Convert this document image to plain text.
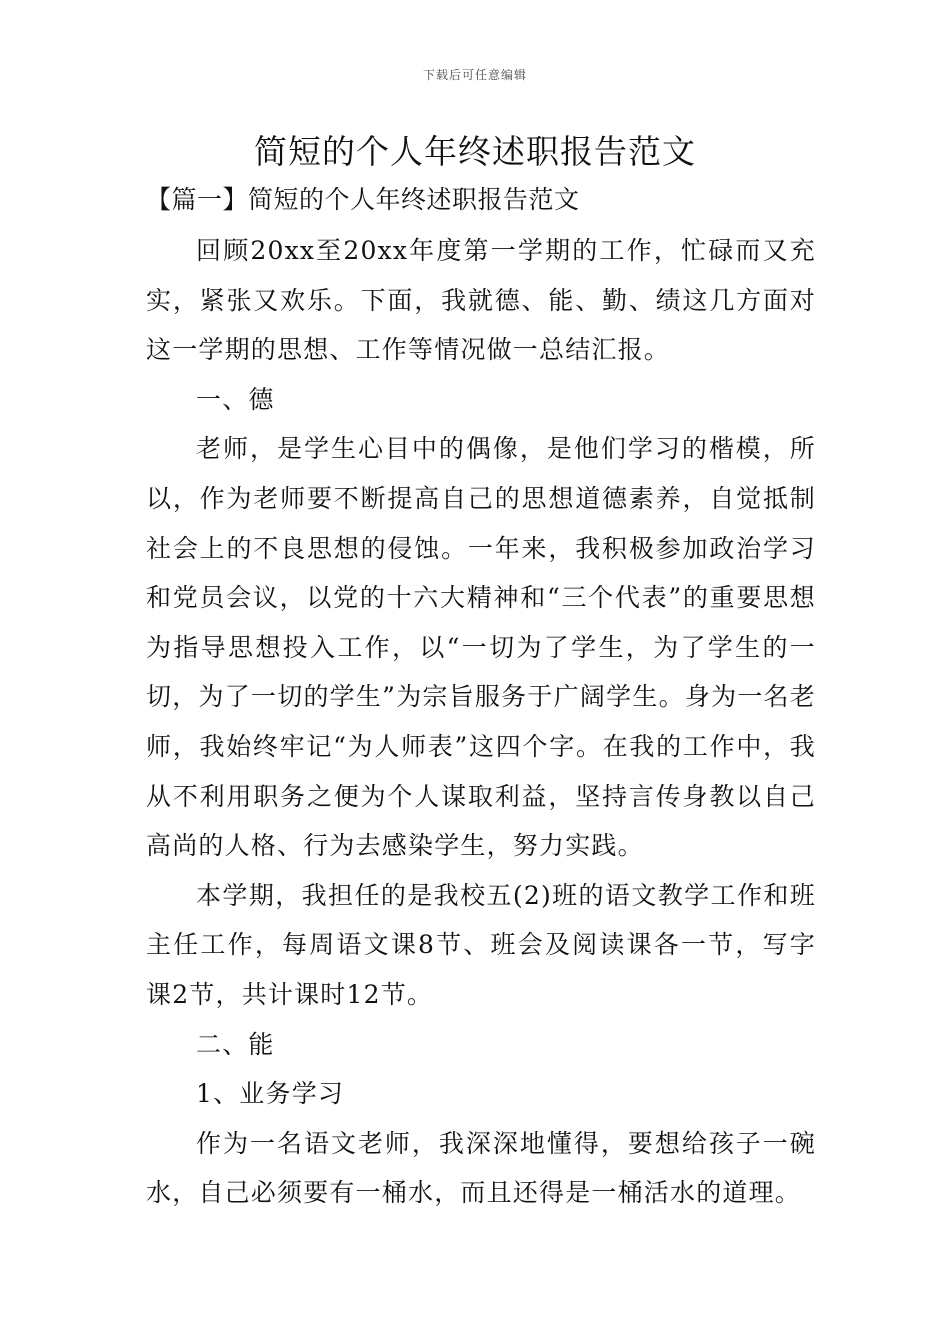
下载后可任意编辑
简短的个人年终述职报告范文
【篇一】简短的个人年终述职报告范文

回顾20xx至20xx年度第一学期的工作，忙碌而又充实，紧张又欢乐。下面，我就德、能、勤、绩这几方面对这一学期的思想、工作等情况做一总结汇报。

一、德

老师，是学生心目中的偶像，是他们学习的楷模，所以，作为老师要不断提高自己的思想道德素养，自觉抵制社会上的不良思想的侵蚀。一年来，我积极参加政治学习和党员会议，以党的十六大精神和“三个代表”的重要思想为指导思想投入工作，以“一切为了学生，为了学生的一切，为了一切的学生”为宗旨服务于广阔学生。身为一名老师，我始终牢记“为人师表”这四个字。在我的工作中，我从不利用职务之便为个人谋取利益，坚持言传身教以自己高尚的人格、行为去感染学生，努力实践。

本学期，我担任的是我校五(2)班的语文教学工作和班主任工作，每周语文课8节、班会及阅读课各一节，写字课2节，共计课时12节。

二、能

1、业务学习

作为一名语文老师，我深深地懂得，要想给孩子一碗水，自己必须要有一桶水，而且还得是一桶活水的道理。
